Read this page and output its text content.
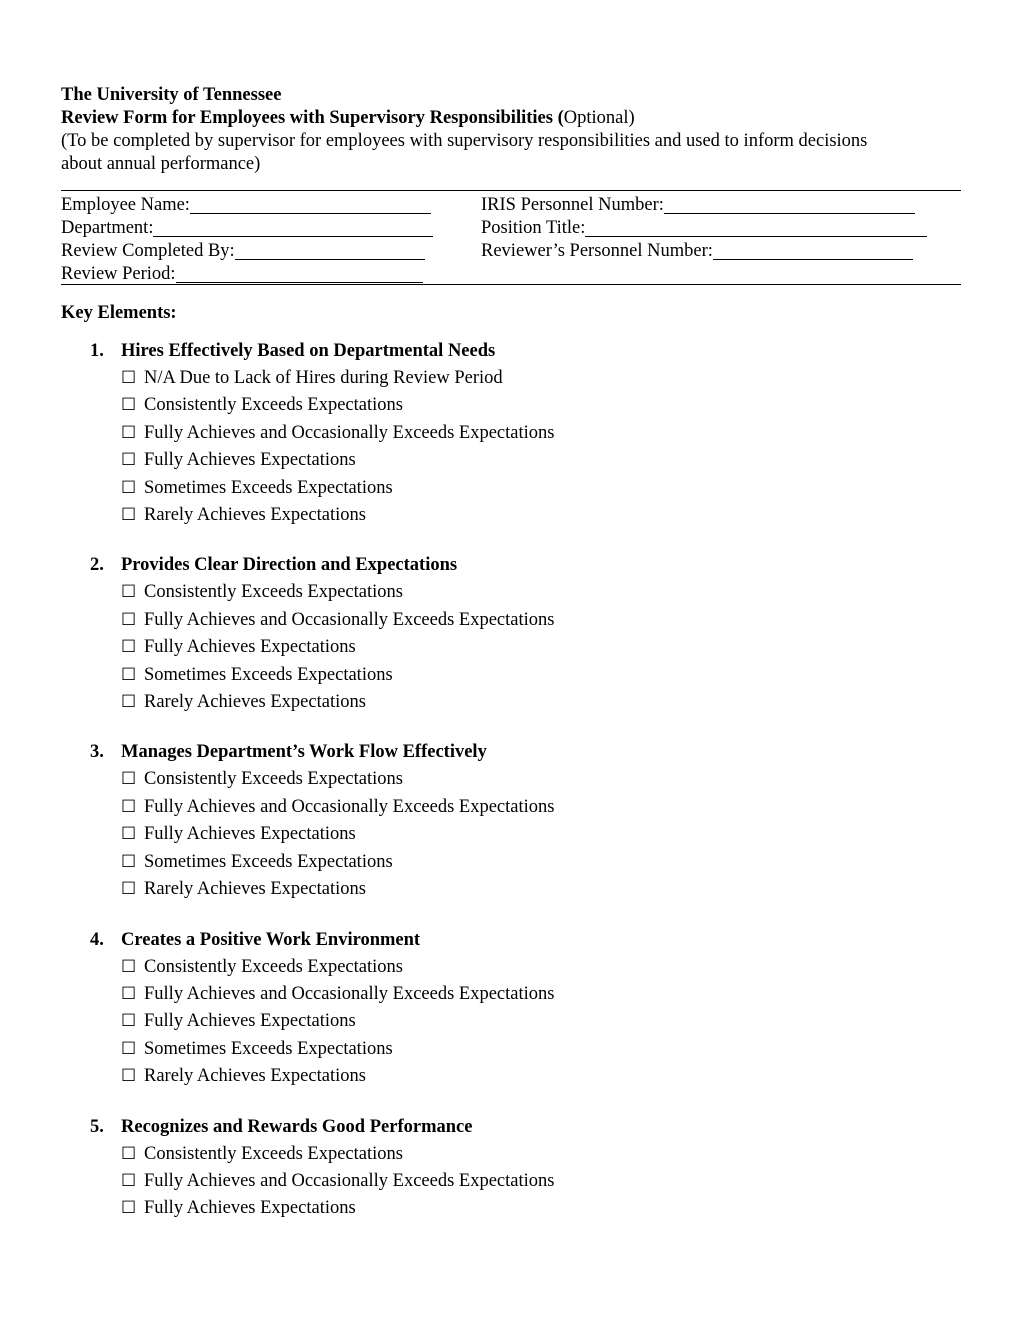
The University of Tennessee
Review Form for Employees with Supervisory Responsibilities (Optional)
(To be completed by supervisor for employees with supervisory responsibilities and used to inform decisions
about annual performance)
Employee Name:	IRIS Personnel Number:
Department:	Position Title:
Review Completed By:	Reviewer’s Personnel Number:
Review Period:
Key Elements:
1. Hires Effectively Based on Departmental Needs
☐ N/A Due to Lack of Hires during Review Period
☐ Consistently Exceeds Expectations
☐ Fully Achieves and Occasionally Exceeds Expectations
☐ Fully Achieves Expectations
☐ Sometimes Exceeds Expectations
☐ Rarely Achieves Expectations
2. Provides Clear Direction and Expectations
☐ Consistently Exceeds Expectations
☐ Fully Achieves and Occasionally Exceeds Expectations
☐ Fully Achieves Expectations
☐ Sometimes Exceeds Expectations
☐ Rarely Achieves Expectations
3. Manages Department’s Work Flow Effectively
☐ Consistently Exceeds Expectations
☐ Fully Achieves and Occasionally Exceeds Expectations
☐ Fully Achieves Expectations
☐ Sometimes Exceeds Expectations
☐ Rarely Achieves Expectations
4. Creates a Positive Work Environment
☐ Consistently Exceeds Expectations
☐ Fully Achieves and Occasionally Exceeds Expectations
☐ Fully Achieves Expectations
☐ Sometimes Exceeds Expectations
☐ Rarely Achieves Expectations
5. Recognizes and Rewards Good Performance
☐ Consistently Exceeds Expectations
☐ Fully Achieves and Occasionally Exceeds Expectations
☐ Fully Achieves Expectations
